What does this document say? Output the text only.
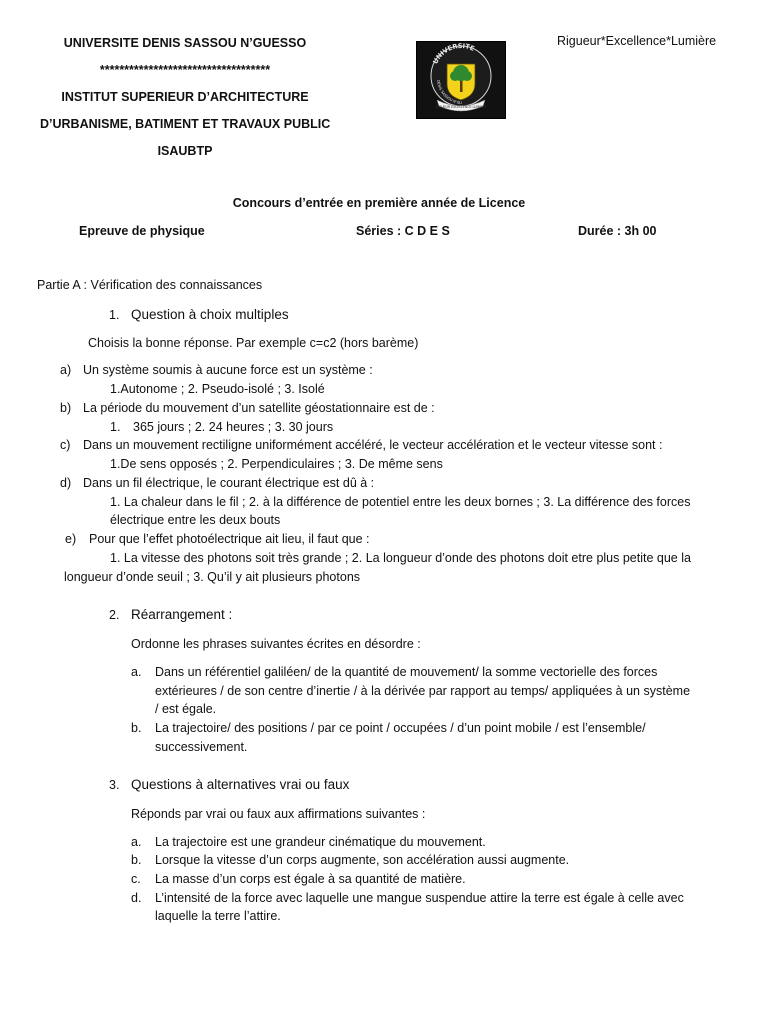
UNIVERSITE DENIS SASSOU N’GUESSO
***********************************
INSTITUT SUPERIEUR D’ARCHITECTURE
D’URBANISME, BATIMENT ET TRAVAUX PUBLIC
ISAUBTP
Rigueur*Excellence*Lumière
UNIVERSITE
DENIS SASSOU N’GU
RIGUEUR EXCELLENCE LUMIERE
Concours d’entrée en première année de Licence
Epreuve de physique	Séries : C D E S	Durée : 3h 00
Partie A : Vérification des connaissances
1. Question à choix multiples
Choisis la bonne réponse. Par exemple c=c2 (hors barème)
a) Un système soumis à aucune force est un système :
1.Autonome ; 2. Pseudo-isolé ; 3. Isolé
b) La période du mouvement d’un satellite géostationnaire est de :
1. 365 jours ; 2. 24 heures ; 3. 30 jours
c) Dans un mouvement rectiligne uniformément accéléré, le vecteur accélération et le vecteur vitesse sont :
1.De sens opposés ; 2. Perpendiculaires ; 3. De même sens
d) Dans un fil électrique, le courant électrique est dû à :
1. La chaleur dans le fil ; 2. à la différence de potentiel entre les deux bornes ; 3. La différence des forces
électrique entre les deux bouts
e) Pour que l’effet photoélectrique ait lieu, il faut que :
1. La vitesse des photons soit très grande ; 2. La longueur d’onde des photons doit etre plus petite que la
longueur d’onde seuil ; 3. Qu’il y ait plusieurs photons
2. Réarrangement :
Ordonne les phrases suivantes écrites en désordre :
a. Dans un référentiel galiléen/ de la quantité de mouvement/ la somme vectorielle des forces
extérieures / de son centre d’inertie / à la dérivée par rapport au temps/ appliquées à un système
/ est égale.
b. La trajectoire/ des positions / par ce point / occupées / d’un point mobile / est l’ensemble/
successivement.
3. Questions à alternatives vrai ou faux
Réponds par vrai ou faux aux affirmations suivantes :
a. La trajectoire est une grandeur cinématique du mouvement.
b. Lorsque la vitesse d’un corps augmente, son accélération aussi augmente.
c. La masse d’un corps est égale à sa quantité de matière.
d. L’intensité de la force avec laquelle une mangue suspendue attire la terre est égale à celle avec
laquelle la terre l’attire.
